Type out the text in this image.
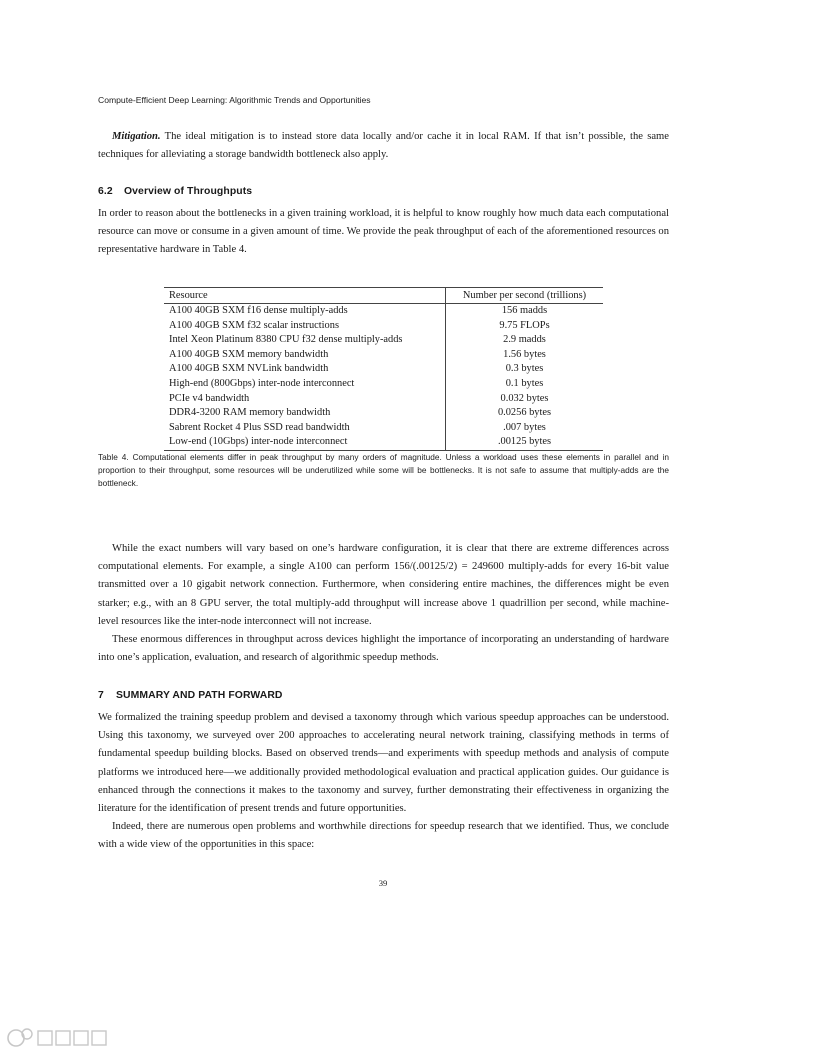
Compute-Efficient Deep Learning: Algorithmic Trends and Opportunities
Mitigation. The ideal mitigation is to instead store data locally and/or cache it in local RAM. If that isn’t possible, the same techniques for alleviating a storage bandwidth bottleneck also apply.
6.2 Overview of Throughputs
In order to reason about the bottlenecks in a given training workload, it is helpful to know roughly how much data each computational resource can move or consume in a given amount of time. We provide the peak throughput of each of the aforementioned resources on representative hardware in Table 4.
Resource	Number per second (trillions)
A100 40GB SXM f16 dense multiply-adds	156 madds
A100 40GB SXM f32 scalar instructions	9.75 FLOPs
Intel Xeon Platinum 8380 CPU f32 dense multiply-adds	2.9 madds
A100 40GB SXM memory bandwidth	1.56 bytes
A100 40GB SXM NVLink bandwidth	0.3 bytes
High-end (800Gbps) inter-node interconnect	0.1 bytes
PCIe v4 bandwidth	0.032 bytes
DDR4-3200 RAM memory bandwidth	0.0256 bytes
Sabrent Rocket 4 Plus SSD read bandwidth	.007 bytes
Low-end (10Gbps) inter-node interconnect	.00125 bytes
Table 4. Computational elements differ in peak throughput by many orders of magnitude. Unless a workload uses these elements in parallel and in proportion to their throughput, some resources will be underutilized while some will be bottlenecks. It is not safe to assume that multiply-adds are the bottleneck.

While the exact numbers will vary based on one’s hardware configuration, it is clear that there are extreme differences across computational elements. For example, a single A100 can perform 156/(.00125/2) = 249600 multiply-adds for every 16-bit value transmitted over a 10 gigabit network connection. Furthermore, when considering entire machines, the differences might be even starker; e.g., with an 8 GPU server, the total multiply-add throughput will increase above 1 quadrillion per second, while machine-level resources like the inter-node interconnect will not increase.

These enormous differences in throughput across devices highlight the importance of incorporating an understanding of hardware into one’s application, evaluation, and research of algorithmic speedup methods.

7 SUMMARY AND PATH FORWARD

We formalized the training speedup problem and devised a taxonomy through which various speedup approaches can be understood. Using this taxonomy, we surveyed over 200 approaches to accelerating neural network training, classifying methods in terms of fundamental speedup building blocks. Based on observed trends—and experiments with speedup methods and analysis of compute platforms we introduced here—we additionally provided methodological evaluation and practical application guides. Our guidance is enhanced through the connections it makes to the taxonomy and survey, further demonstrating their effectiveness in organizing the literature for the identification of present trends and future opportunities.

Indeed, there are numerous open problems and worthwhile directions for speedup research that we identified. Thus, we conclude with a wide view of the opportunities in this space:

39
